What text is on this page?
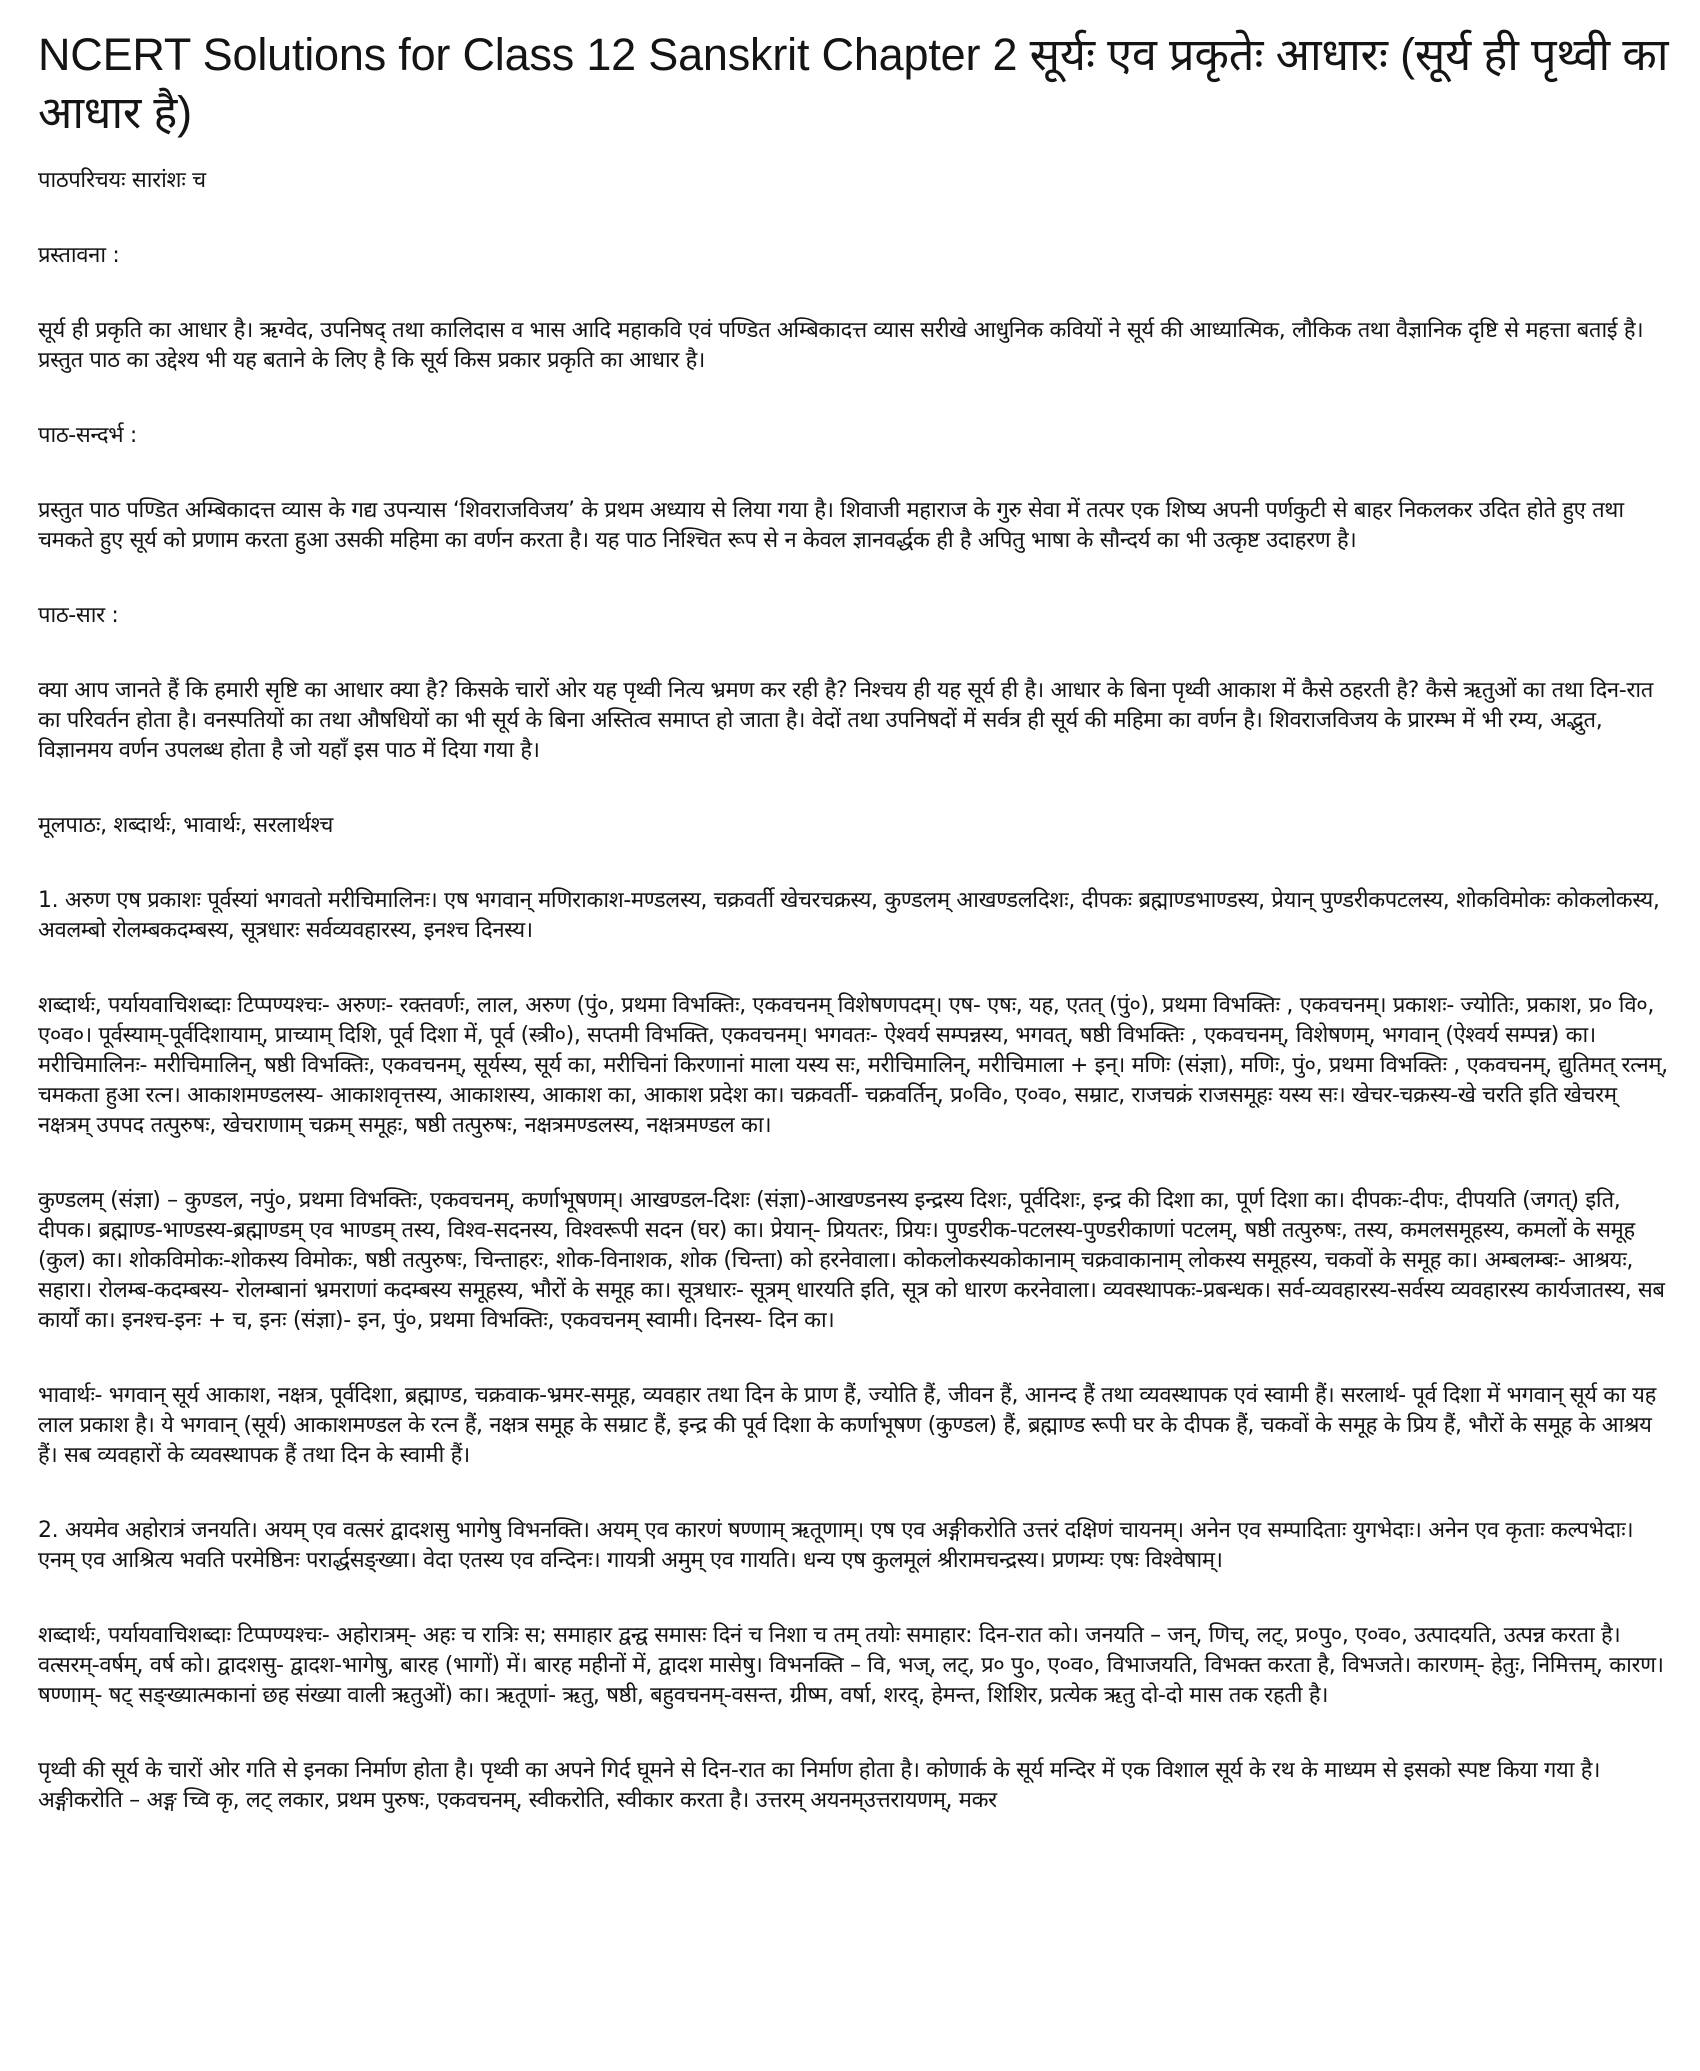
NCERT Solutions for Class 12 Sanskrit Chapter 2 सूर्यः एव प्रकृतेः आधारः (सूर्य ही पृथ्वी का आधार है)

पाठपरिचयः सारांशः च

प्रस्तावना :

सूर्य ही प्रकृति का आधार है। ऋग्वेद, उपनिषद् तथा कालिदास व भास आदि महाकवि एवं पण्डित अम्बिकादत्त व्यास सरीखे आधुनिक कवियों ने सूर्य की आध्यात्मिक, लौकिक तथा वैज्ञानिक दृष्टि से महत्ता बताई है। प्रस्तुत पाठ का उद्देश्य भी यह बताने के लिए है कि सूर्य किस प्रकार प्रकृति का आधार है।

पाठ-सन्दर्भ :

प्रस्तुत पाठ पण्डित अम्बिकादत्त व्यास के गद्य उपन्यास ‘शिवराजविजय’ के प्रथम अध्याय से लिया गया है। शिवाजी महाराज के गुरु सेवा में तत्पर एक शिष्य अपनी पर्णकुटी से बाहर निकलकर उदित होते हुए तथा चमकते हुए सूर्य को प्रणाम करता हुआ उसकी महिमा का वर्णन करता है। यह पाठ निश्चित रूप से न केवल ज्ञानवर्द्धक ही है अपितु भाषा के सौन्दर्य का भी उत्कृष्ट उदाहरण है।

पाठ-सार :

क्या आप जानते हैं कि हमारी सृष्टि का आधार क्या है? किसके चारों ओर यह पृथ्वी नित्य भ्रमण कर रही है? निश्चय ही यह सूर्य ही है। आधार के बिना पृथ्वी आकाश में कैसे ठहरती है? कैसे ऋतुओं का तथा दिन-रात का परिवर्तन होता है। वनस्पतियों का तथा औषधियों का भी सूर्य के बिना अस्तित्व समाप्त हो जाता है। वेदों तथा उपनिषदों में सर्वत्र ही सूर्य की महिमा का वर्णन है। शिवराजविजय के प्रारम्भ में भी रम्य, अद्भुत, विज्ञानमय वर्णन उपलब्ध होता है जो यहाँ इस पाठ में दिया गया है।

मूलपाठः, शब्दार्थः, भावार्थः, सरलार्थश्च

1. अरुण एष प्रकाशः पूर्वस्यां भगवतो मरीचिमालिनः। एष भगवान् मणिराकाश-मण्डलस्य, चक्रवर्ती खेचरचक्रस्य, कुण्डलम् आखण्डलदिशः, दीपकः ब्रह्माण्डभाण्डस्य, प्रेयान् पुण्डरीकपटलस्य, शोकविमोकः कोकलोकस्य, अवलम्बो रोलम्बकदम्बस्य, सूत्रधारः सर्वव्यवहारस्य, इनश्च दिनस्य।

शब्दार्थः, पर्यायवाचिशब्दाः टिप्पण्यश्चः- अरुणः- रक्तवर्णः, लाल, अरुण (पुं०, प्रथमा विभक्तिः, एकवचनम् विशेषणपदम्। एष- एषः, यह, एतत् (पुं०), प्रथमा विभक्तिः , एकवचनम्। प्रकाशः- ज्योतिः, प्रकाश, प्र० वि०, ए०व०। पूर्वस्याम्-पूर्वदिशायाम्, प्राच्याम् दिशि, पूर्व दिशा में, पूर्व (स्त्री०), सप्तमी विभक्ति, एकवचनम्। भगवतः- ऐश्वर्य सम्पन्नस्य, भगवत्, षष्ठी विभक्तिः , एकवचनम्, विशेषणम्, भगवान् (ऐश्वर्य सम्पन्न) का। मरीचिमालिनः- मरीचिमालिन्, षष्ठी विभक्तिः, एकवचनम्, सूर्यस्य, सूर्य का, मरीचिनां किरणानां माला यस्य सः, मरीचिमालिन्, मरीचिमाला + इन्। मणिः (संज्ञा), मणिः, पुं०, प्रथमा विभक्तिः , एकवचनम्, द्युतिमत् रत्नम्, चमकता हुआ रत्न। आकाशमण्डलस्य- आकाशवृत्तस्य, आकाशस्य, आकाश का, आकाश प्रदेश का। चक्रवर्ती- चक्रवर्तिन्, प्र०वि०, ए०व०, सम्राट, राजचक्रं राजसमूहः यस्य सः। खेचर-चक्रस्य-खे चरति इति खेचरम् नक्षत्रम् उपपद तत्पुरुषः, खेचराणाम् चक्रम् समूहः, षष्ठी तत्पुरुषः, नक्षत्रमण्डलस्य, नक्षत्रमण्डल का।

कुण्डलम् (संज्ञा) – कुण्डल, नपुं०, प्रथमा विभक्तिः, एकवचनम्, कर्णाभूषणम्। आखण्डल-दिशः (संज्ञा)-आखण्डनस्य इन्द्रस्य दिशः, पूर्वदिशः, इन्द्र की दिशा का, पूर्ण दिशा का। दीपकः-दीपः, दीपयति (जगत्) इति, दीपक। ब्रह्माण्ड-भाण्डस्य-ब्रह्माण्डम् एव भाण्डम् तस्य, विश्व-सदनस्य, विश्वरूपी सदन (घर) का। प्रेयान्- प्रियतरः, प्रियः। पुण्डरीक-पटलस्य-पुण्डरीकाणां पटलम्, षष्ठी तत्पुरुषः, तस्य, कमलसमूहस्य, कमलों के समूह (कुल) का। शोकविमोकः-शोकस्य विमोकः, षष्ठी तत्पुरुषः, चिन्ताहरः, शोक-विनाशक, शोक (चिन्ता) को हरनेवाला। कोकलोकस्यकोकानाम् चक्रवाकानाम् लोकस्य समूहस्य, चकवों के समूह का। अम्बलम्बः- आश्रयः, सहारा। रोलम्ब-कदम्बस्य- रोलम्बानां भ्रमराणां कदम्बस्य समूहस्य, भौरों के समूह का। सूत्रधारः- सूत्रम् धारयति इति, सूत्र को धारण करनेवाला। व्यवस्थापकः-प्रबन्धक। सर्व-व्यवहारस्य-सर्वस्य व्यवहारस्य कार्यजातस्य, सब कार्यों का। इनश्च-इनः + च, इनः (संज्ञा)- इन, पुं०, प्रथमा विभक्तिः, एकवचनम् स्वामी। दिनस्य- दिन का।

भावार्थः- भगवान् सूर्य आकाश, नक्षत्र, पूर्वदिशा, ब्रह्माण्ड, चक्रवाक-भ्रमर-समूह, व्यवहार तथा दिन के प्राण हैं, ज्योति हैं, जीवन हैं, आनन्द हैं तथा व्यवस्थापक एवं स्वामी हैं। सरलार्थ- पूर्व दिशा में भगवान् सूर्य का यह लाल प्रकाश है। ये भगवान् (सूर्य) आकाशमण्डल के रत्न हैं, नक्षत्र समूह के सम्राट हैं, इन्द्र की पूर्व दिशा के कर्णाभूषण (कुण्डल) हैं, ब्रह्माण्ड रूपी घर के दीपक हैं, चकवों के समूह के प्रिय हैं, भौरों के समूह के आश्रय हैं। सब व्यवहारों के व्यवस्थापक हैं तथा दिन के स्वामी हैं।

2. अयमेव अहोरात्रं जनयति। अयम् एव वत्सरं द्वादशसु भागेषु विभनक्ति। अयम् एव कारणं षण्णाम् ऋतूणाम्। एष एव अङ्गीकरोति उत्तरं दक्षिणं चायनम्। अनेन एव सम्पादिताः युगभेदाः। अनेन एव कृताः कल्पभेदाः। एनम् एव आश्रित्य भवति परमेष्ठिनः परार्द्धसङ्ख्या। वेदा एतस्य एव वन्दिनः। गायत्री अमुम् एव गायति। धन्य एष कुलमूलं श्रीरामचन्द्रस्य। प्रणम्यः एषः विश्वेषाम्।

शब्दार्थः, पर्यायवाचिशब्दाः टिप्पण्यश्चः- अहोरात्रम्- अहः च रात्रिः स; समाहार द्वन्द्व समासः दिनं च निशा च तम् तयोः समाहार: दिन-रात को। जनयति – जन्, णिच्, लट्, प्र०पु०, ए०व०, उत्पादयति, उत्पन्न करता है। वत्सरम्-वर्षम्, वर्ष को। द्वादशसु- द्वादश-भागेषु, बारह (भागों) में। बारह महीनों में, द्वादश मासेषु। विभनक्ति – वि, भज्, लट्, प्र० पु०, ए०व०, विभाजयति, विभक्त करता है, विभजते। कारणम्- हेतुः, निमित्तम्, कारण। षण्णाम्- षट् सङ्ख्यात्मकानां छह संख्या वाली ऋतुओं) का। ऋतूणां- ऋतु, षष्ठी, बहुवचनम्-वसन्त, ग्रीष्म, वर्षा, शरद्, हेमन्त, शिशिर, प्रत्येक ऋतु दो-दो मास तक रहती है।

पृथ्वी की सूर्य के चारों ओर गति से इनका निर्माण होता है। पृथ्वी का अपने गिर्द घूमने से दिन-रात का निर्माण होता है। कोणार्क के सूर्य मन्दिर में एक विशाल सूर्य के रथ के माध्यम से इसको स्पष्ट किया गया है। अङ्गीकरोति – अङ्ग च्वि कृ, लट् लकार, प्रथम पुरुषः, एकवचनम्, स्वीकरोति, स्वीकार करता है। उत्तरम् अयनम्उत्तरायणम्, मकर
